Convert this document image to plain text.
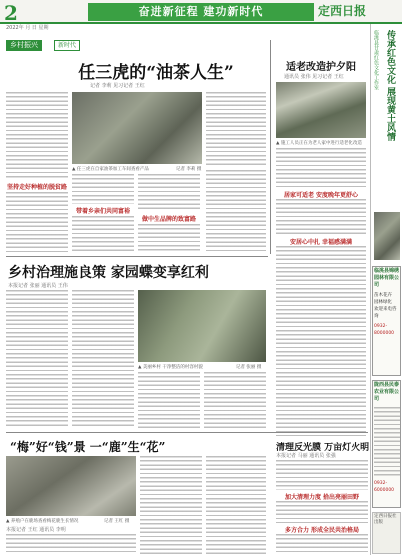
2	奋进新征程 建功新时代	定西日报
2022年 月 日 星期
乡村振兴	新时代
任三虎的“油茶人生”
记者 李莉 见习记者 王红
坚持走好种植的脱贫路
▲ 任三虎在自家油茶加工车间查看产品	记者 李莉 摄
带着乡亲们共同富裕
做中生品牌的致富路
适老改造护夕阳
通讯员 张伟 见习记者 王红
▲ 施工人员正在为老人家中进行适老化改造
居家可适老 安度晚年更舒心
安居心中扎 幸福感满满
乡村治理施良策 家园蝶变享红利
本报记者 张丽 通讯员 王伟
▲ 美丽乡村 干净整洁的村容村貌	记者 张丽 摄
“梅”好“钱”景 一“鹿”生“花”
▲ 养殖户在鹿场查看梅花鹿生长情况	记者 王红 摄
本报记者 王红 通讯员 李明
清理反光膜 万亩灯火明
本报记者 马丽 通讯员 张强
加大清理力度 拾出亮丽田野
多方合力 形成全民共治格局
传承红色文化 展现黄土风情
临洮县甘肃红色文化工作室
临洮县锦绣园林有限公司
苗木花卉
园林绿化
欢迎来电咨询
0932-8000000
陇西县民泰农业有限公司
0932-6000000
定西日报社出版
